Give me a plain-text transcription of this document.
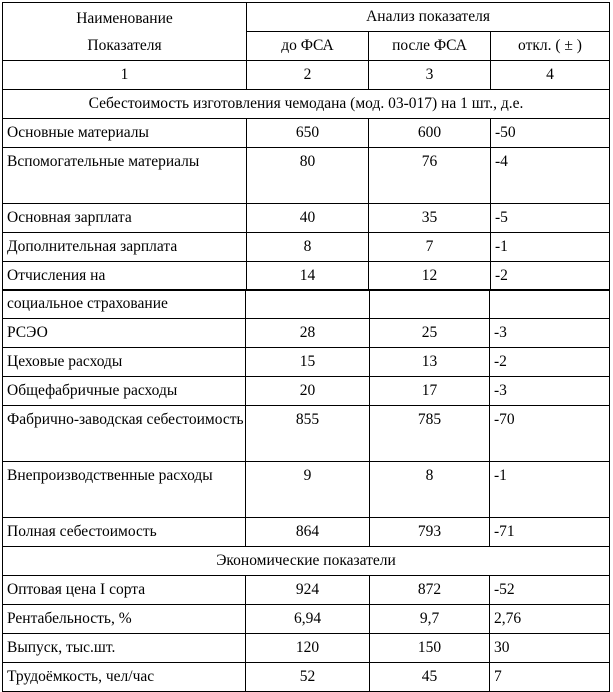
Наименование
Показателя	Анализ показателя		
	до ФСА	после ФСА	откл. ( ± )
1	2	3	4
Себестоимость изготовления чемодана (мод. 03-017) на 1 шт., д.е.			
Основные материалы	650	600	-50
Вспомогательные материалы	80	76	-4
Основная зарплата	40	35	-5
Дополнительная зарплата	8	7	-1
Отчисления на	14	12	-2
социальное страхование			
РСЭО	28	25	-3
Цеховые расходы	15	13	-2
Общефабричные расходы	20	17	-3
Фабрично-заводская себестоимость	855	785	-70
Внепроизводственные расходы	9	8	-1
Полная себестоимость	864	793	-71
Экономические показатели			
Оптовая цена I сорта	924	872	-52
Рентабельность, %	6,94	9,7	2,76
Выпуск, тыс.шт.	120	150	30
Трудоёмкость, чел/час	52	45	7
